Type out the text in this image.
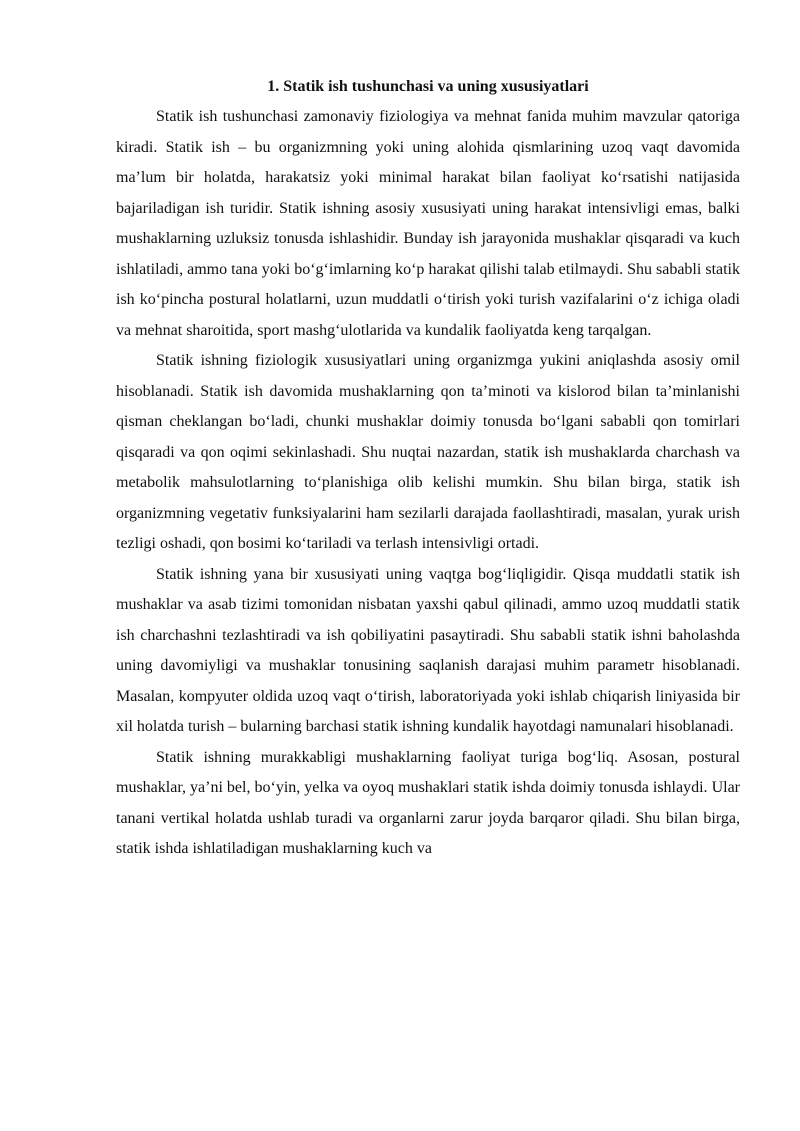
1. Statik ish tushunchasi va uning xususiyatlari

Statik ish tushunchasi zamonaviy fiziologiya va mehnat fanida muhim mavzular qatoriga kiradi. Statik ish – bu organizmning yoki uning alohida qismlarining uzoq vaqt davomida ma’lum bir holatda, harakatsiz yoki minimal harakat bilan faoliyat ko‘rsatishi natijasida bajariladigan ish turidir. Statik ishning asosiy xususiyati uning harakat intensivligi emas, balki mushaklarning uzluksiz tonusda ishlashidir. Bunday ish jarayonida mushaklar qisqaradi va kuch ishlatiladi, ammo tana yoki bo‘g‘imlarning ko‘p harakat qilishi talab etilmaydi. Shu sababli statik ish ko‘pincha postural holatlarni, uzun muddatli o‘tirish yoki turish vazifalarini o‘z ichiga oladi va mehnat sharoitida, sport mashg‘ulotlarida va kundalik faoliyatda keng tarqalgan.

Statik ishning fiziologik xususiyatlari uning organizmga yukini aniqlashda asosiy omil hisoblanadi. Statik ish davomida mushaklarning qon ta’minoti va kislorod bilan ta’minlanishi qisman cheklangan bo‘ladi, chunki mushaklar doimiy tonusda bo‘lgani sababli qon tomirlari qisqaradi va qon oqimi sekinlashadi. Shu nuqtai nazardan, statik ish mushaklarda charchash va metabolik mahsulotlarning to‘planishiga olib kelishi mumkin. Shu bilan birga, statik ish organizmning vegetativ funksiyalarini ham sezilarli darajada faollashtiradi, masalan, yurak urish tezligi oshadi, qon bosimi ko‘tariladi va terlash intensivligi ortadi.

Statik ishning yana bir xususiyati uning vaqtga bog‘liqligidir. Qisqa muddatli statik ish mushaklar va asab tizimi tomonidan nisbatan yaxshi qabul qilinadi, ammo uzoq muddatli statik ish charchashni tezlashtiradi va ish qobiliyatini pasaytiradi. Shu sababli statik ishni baholashda uning davomiyligi va mushaklar tonusining saqlanish darajasi muhim parametr hisoblanadi. Masalan, kompyuter oldida uzoq vaqt o‘tirish, laboratoriyada yoki ishlab chiqarish liniyasida bir xil holatda turish – bularning barchasi statik ishning kundalik hayotdagi namunalari hisoblanadi.

Statik ishning murakkabligi mushaklarning faoliyat turiga bog‘liq. Asosan, postural mushaklar, ya’ni bel, bo‘yin, yelka va oyoq mushaklari statik ishda doimiy tonusda ishlaydi. Ular tanani vertikal holatda ushlab turadi va organlarni zarur joyda barqaror qiladi. Shu bilan birga, statik ishda ishlatiladigan mushaklarning kuch va
